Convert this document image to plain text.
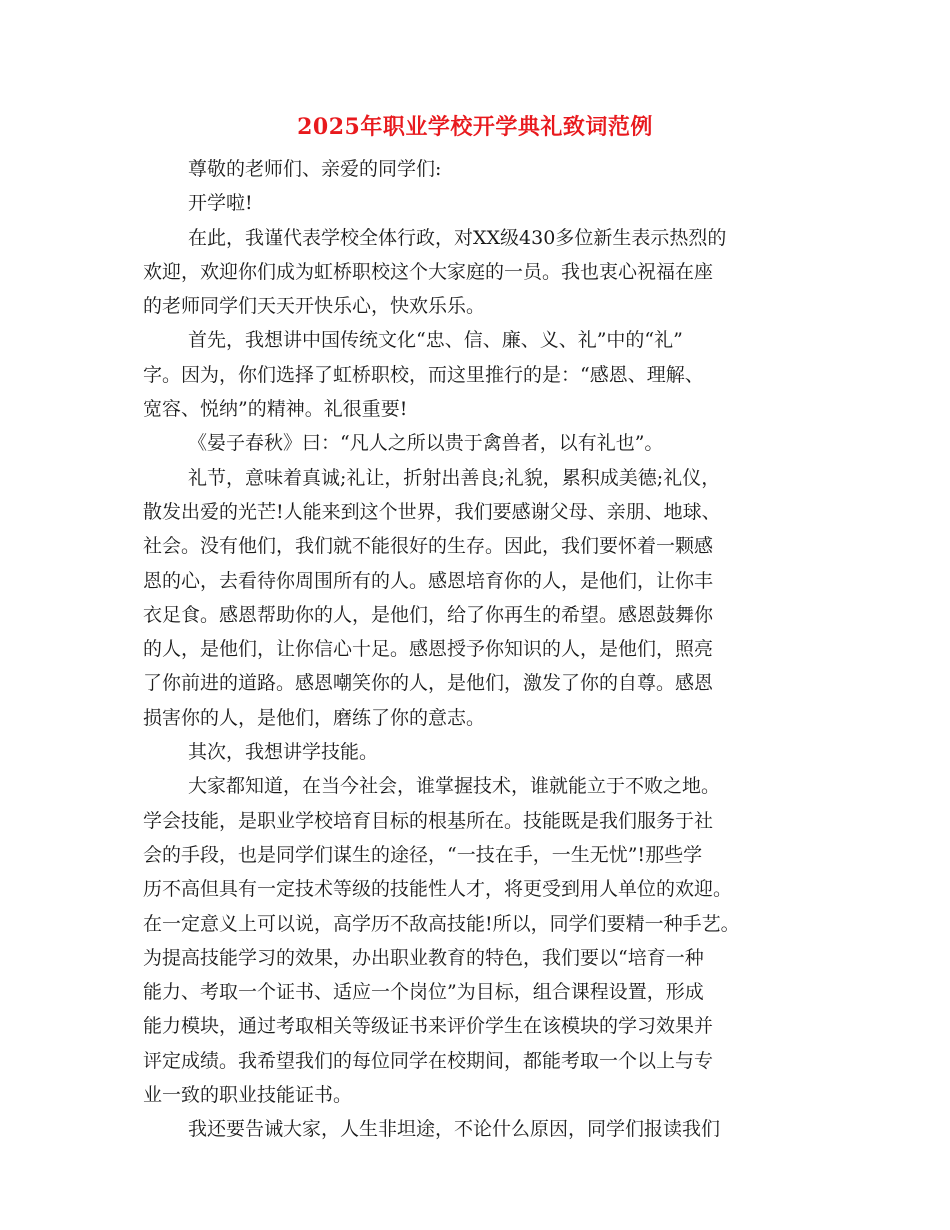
2025年职业学校开学典礼致词范例
尊敬的老师们、亲爱的同学们:
开学啦!
在此，我谨代表学校全体行政，对XX级430多位新生表示热烈的
欢迎，欢迎你们成为虹桥职校这个大家庭的一员。我也衷心祝福在座
的老师同学们天天开快乐心，快欢乐乐。
首先，我想讲中国传统文化“忠、信、廉、义、礼”中的“礼”
字。因为，你们选择了虹桥职校，而这里推行的是：“感恩、理解、
宽容、悦纳”的精神。礼很重要!
《晏子春秋》曰：“凡人之所以贵于禽兽者，以有礼也”。
礼节，意味着真诚;礼让，折射出善良;礼貌，累积成美德;礼仪，
散发出爱的光芒!人能来到这个世界，我们要感谢父母、亲朋、地球、
社会。没有他们，我们就不能很好的生存。因此，我们要怀着一颗感
恩的心，去看待你周围所有的人。感恩培育你的人，是他们，让你丰
衣足食。感恩帮助你的人，是他们，给了你再生的希望。感恩鼓舞你
的人，是他们，让你信心十足。感恩授予你知识的人，是他们，照亮
了你前进的道路。感恩嘲笑你的人，是他们，激发了你的自尊。感恩
损害你的人，是他们，磨练了你的意志。
其次，我想讲学技能。
大家都知道，在当今社会，谁掌握技术，谁就能立于不败之地。
学会技能，是职业学校培育目标的根基所在。技能既是我们服务于社
会的手段，也是同学们谋生的途径，“一技在手，一生无忧”!那些学
历不高但具有一定技术等级的技能性人才，将更受到用人单位的欢迎。
在一定意义上可以说，高学历不敌高技能!所以，同学们要精一种手艺。
为提高技能学习的效果，办出职业教育的特色，我们要以“培育一种
能力、考取一个证书、适应一个岗位”为目标，组合课程设置，形成
能力模块，通过考取相关等级证书来评价学生在该模块的学习效果并
评定成绩。我希望我们的每位同学在校期间，都能考取一个以上与专
业一致的职业技能证书。
我还要告诫大家，人生非坦途，不论什么原因，同学们报读我们
